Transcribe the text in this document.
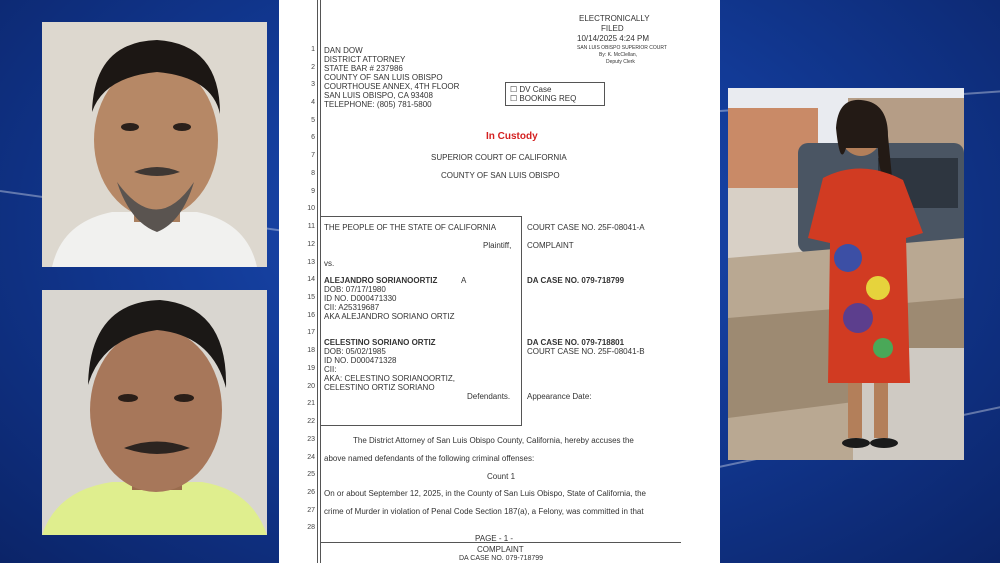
1
2
3
4
5
6
7
8
9
10
11
12
13
14
15
16
17
18
19
20
21
22
23
24
25
26
27
28
ELECTRONICALLY
FILED
10/14/2025 4:24 PM
SAN LUIS OBISPO SUPERIOR COURT
By: K. McClellan,
Deputy Clerk
DAN DOW
DISTRICT ATTORNEY
STATE BAR # 237986
COUNTY OF SAN LUIS OBISPO
COURTHOUSE ANNEX, 4TH FLOOR
SAN LUIS OBISPO, CA 93408
TELEPHONE: (805) 781-5800
☐ DV Case
☐ BOOKING REQ
In Custody
SUPERIOR COURT OF CALIFORNIA
COUNTY OF SAN LUIS OBISPO
THE PEOPLE OF THE STATE OF CALIFORNIA
Plaintiff,
vs.
ALEJANDRO SORIANOORTIZ	A
DOB: 07/17/1980
ID NO. D000471330
CII: A25319687
AKA ALEJANDRO SORIANO ORTIZ
CELESTINO SORIANO ORTIZ
DOB: 05/02/1985
ID NO. D000471328
CII:
AKA: CELESTINO SORIANOORTIZ,
CELESTINO ORTIZ SORIANO
Defendants.
COURT CASE NO. 25F-08041-A
COMPLAINT
DA CASE NO. 079-718799
DA CASE NO. 079-718801
COURT CASE NO. 25F-08041-B
Appearance Date:
The District Attorney of San Luis Obispo County, California, hereby accuses the
above named defendants of the following criminal offenses:
Count 1
On or about September 12, 2025, in the County of San Luis Obispo, State of California, the
crime of Murder in violation of Penal Code Section 187(a), a Felony, was committed in that
PAGE - 1 -
COMPLAINT
DA CASE NO. 079-718799
